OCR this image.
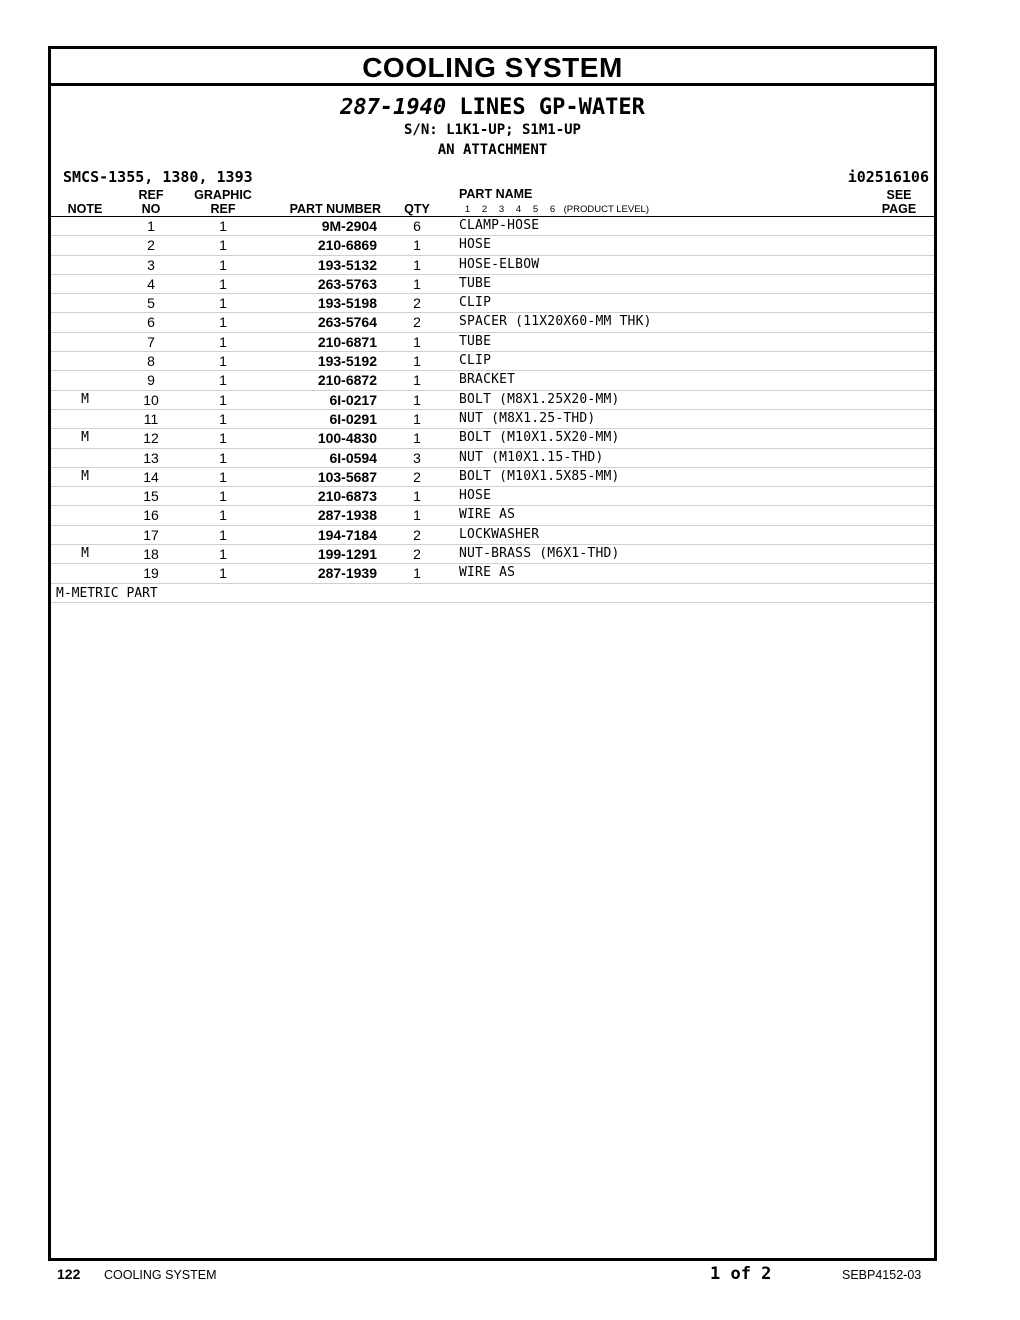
COOLING SYSTEM
287-1940 LINES GP-WATER
S/N: L1K1-UP; S1M1-UP
AN ATTACHMENT
SMCS-1355, 1380, 1393	i02516106
NOTE
REF
NO
GRAPHIC
REF	PART NUMBER	QTY
PART NAME
1 2 3 4 5 6 (PRODUCT LEVEL)
SEE
PAGE
1	1	9M-2904	6	CLAMP-HOSE
2	1	210-6869	1	HOSE
3	1	193-5132	1	HOSE-ELBOW
4	1	263-5763	1	TUBE
5	1	193-5198	2	CLIP
6	1	263-5764	2	SPACER (11X20X60-MM THK)
7	1	210-6871	1	TUBE
8	1	193-5192	1	CLIP
9	1	210-6872	1	BRACKET
M	10	1	6I-0217	1	BOLT (M8X1.25X20-MM)
11	1	6I-0291	1	NUT (M8X1.25-THD)
M	12	1	100-4830	1	BOLT (M10X1.5X20-MM)
13	1	6I-0594	3	NUT (M10X1.15-THD)
M	14	1	103-5687	2	BOLT (M10X1.5X85-MM)
15	1	210-6873	1	HOSE
16	1	287-1938	1	WIRE AS
17	1	194-7184	2	LOCKWASHER
M	18	1	199-1291	2	NUT-BRASS (M6X1-THD)
19	1	287-1939	1	WIRE AS
M-METRIC PART
122 COOLING SYSTEM	1 of 2	SEBP4152-03
